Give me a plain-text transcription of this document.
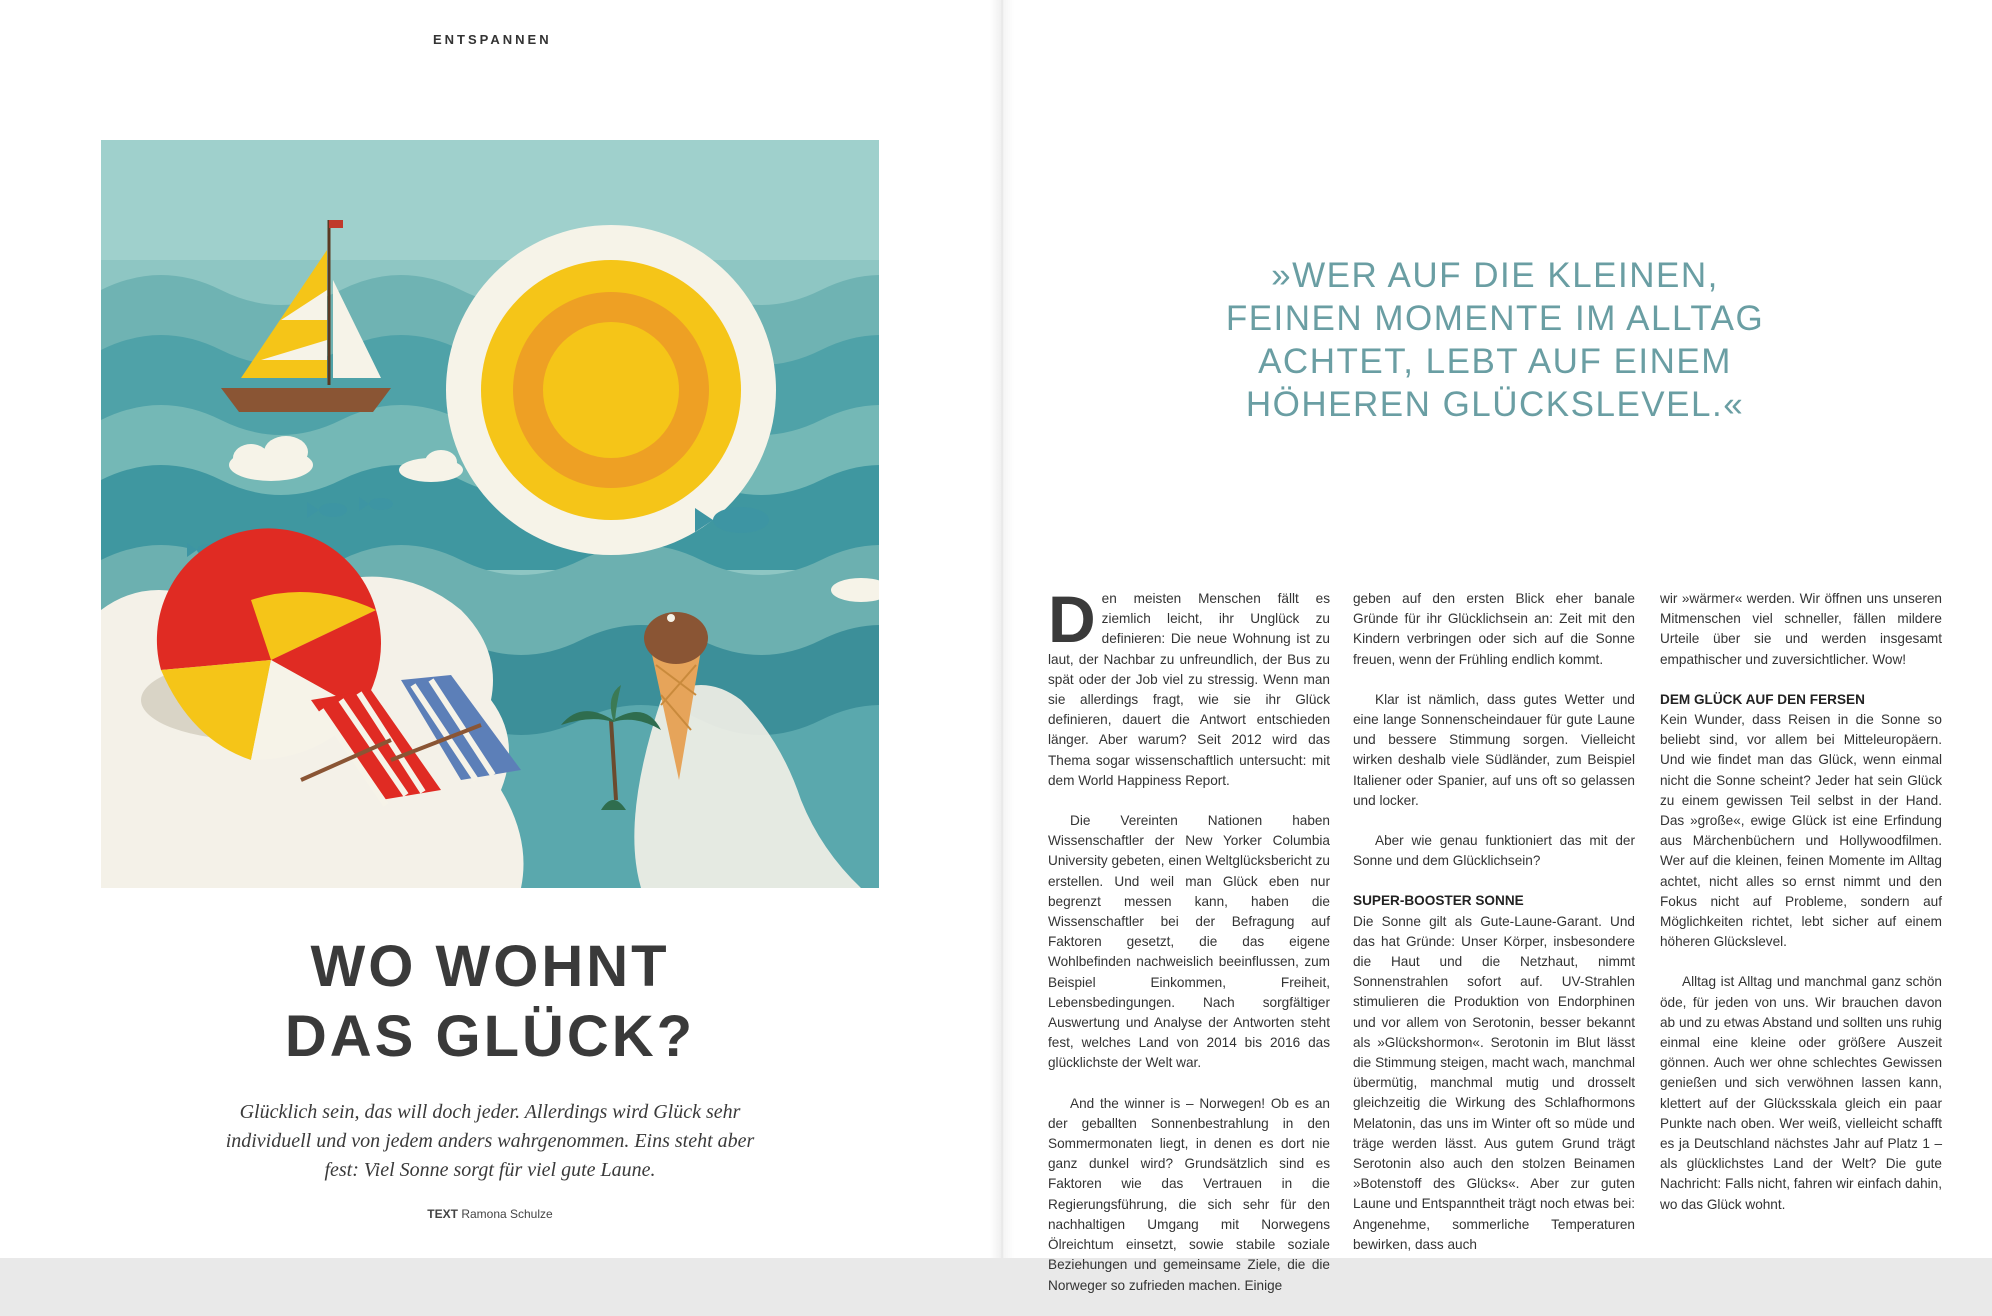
ENTSPANNEN
WO WOHNT
DAS GLÜCK?
Glücklich sein, das will doch jeder. Allerdings wird Glück sehr individuell und von jedem anders wahrgenommen. Eins steht aber fest: Viel Sonne sorgt für viel gute Laune.
TEXT Ramona Schulze
»WER AUF DIE KLEINEN,
FEINEN MOMENTE IM ALLTAG
ACHTET, LEBT AUF EINEM
HÖHEREN GLÜCKSLEVEL.«

Den meisten Menschen fällt es ziemlich leicht, ihr Unglück zu definieren: Die neue Wohnung ist zu laut, der Nachbar zu unfreundlich, der Bus zu spät oder der Job viel zu stressig. Wenn man sie allerdings fragt, wie sie ihr Glück definieren, dauert die Antwort entschieden länger. Aber warum? Seit 2012 wird das Thema sogar wissenschaftlich untersucht: mit dem World Happiness Report.

Die Vereinten Nationen haben Wissenschaftler der New Yorker Columbia University gebeten, einen Weltglücksbericht zu erstellen. Und weil man Glück eben nur begrenzt messen kann, haben die Wissenschaftler bei der Befragung auf Faktoren gesetzt, die das eigene Wohlbefinden nachweislich beeinflussen, zum Beispiel Einkommen, Freiheit, Lebensbedingungen. Nach sorgfältiger Auswertung und Analyse der Antworten steht fest, welches Land von 2014 bis 2016 das glücklichste der Welt war.

And the winner is – Norwegen! Ob es an der geballten Sonnenbestrahlung in den Sommermonaten liegt, in denen es dort nie ganz dunkel wird? Grundsätzlich sind es Faktoren wie das Vertrauen in die Regierungsführung, die sich sehr für den nachhaltigen Umgang mit Norwegens Ölreichtum einsetzt, sowie stabile soziale Beziehungen und gemeinsame Ziele, die die Norweger so zufrieden machen. Einige

geben auf den ersten Blick eher banale Gründe für ihr Glücklichsein an: Zeit mit den Kindern verbringen oder sich auf die Sonne freuen, wenn der Frühling endlich kommt.

Klar ist nämlich, dass gutes Wetter und eine lange Sonnenscheindauer für gute Laune und bessere Stimmung sorgen. Vielleicht wirken deshalb viele Südländer, zum Beispiel Italiener oder Spanier, auf uns oft so gelassen und locker.

Aber wie genau funktioniert das mit der Sonne und dem Glücklichsein?

SUPER-BOOSTER SONNE

Die Sonne gilt als Gute-Laune-Garant. Und das hat Gründe: Unser Körper, insbesondere die Haut und die Netzhaut, nimmt Sonnenstrahlen sofort auf. UV-Strahlen stimulieren die Produktion von Endorphinen und vor allem von Serotonin, besser bekannt als »Glückshormon«. Serotonin im Blut lässt die Stimmung steigen, macht wach, manchmal übermütig, manchmal mutig und drosselt gleichzeitig die Wirkung des Schlafhormons Melatonin, das uns im Winter oft so müde und träge werden lässt. Aus gutem Grund trägt Serotonin also auch den stolzen Beinamen »Botenstoff des Glücks«. Aber zur guten Laune und Entspanntheit trägt noch etwas bei: Angenehme, sommerliche Temperaturen bewirken, dass auch

wir »wärmer« werden. Wir öffnen uns unseren Mitmenschen viel schneller, fällen mildere Urteile über sie und werden insgesamt empathischer und zuversichtlicher. Wow!

DEM GLÜCK AUF DEN FERSEN

Kein Wunder, dass Reisen in die Sonne so beliebt sind, vor allem bei Mitteleuropäern. Und wie findet man das Glück, wenn einmal nicht die Sonne scheint? Jeder hat sein Glück zu einem gewissen Teil selbst in der Hand. Das »große«, ewige Glück ist eine Erfindung aus Märchenbüchern und Hollywoodfilmen. Wer auf die kleinen, feinen Momente im Alltag achtet, nicht alles so ernst nimmt und den Fokus nicht auf Probleme, sondern auf Möglichkeiten richtet, lebt sicher auf einem höheren Glückslevel.

Alltag ist Alltag und manchmal ganz schön öde, für jeden von uns. Wir brauchen davon ab und zu etwas Abstand und sollten uns ruhig einmal eine kleine oder größere Auszeit gönnen. Auch wer ohne schlechtes Gewissen genießen und sich verwöhnen lassen kann, klettert auf der Glücksskala gleich ein paar Punkte nach oben. Wer weiß, vielleicht schafft es ja Deutschland nächstes Jahr auf Platz 1 – als glücklichstes Land der Welt? Die gute Nachricht: Falls nicht, fahren wir einfach dahin, wo das Glück wohnt.
